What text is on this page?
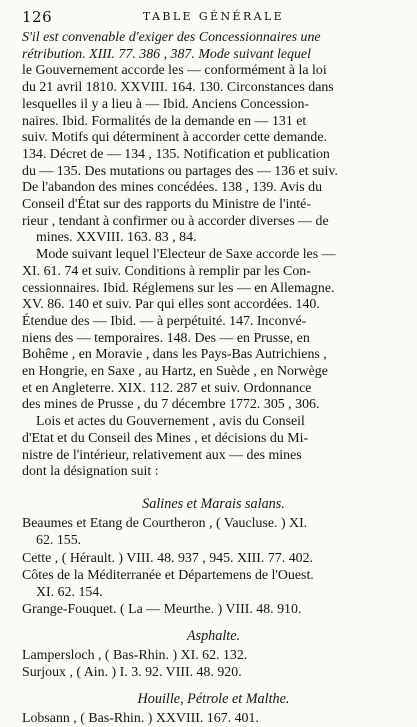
126	TABLE GÉNÉRALE
S'il est convenable d'exiger des Concessionnaires une
rétribution. XIII. 77. 386 , 387. Mode suivant lequel
le Gouvernement accorde les — conformément à la loi
du 21 avril 1810. XXVIII. 164. 130. Circonstances dans
lesquelles il y a lieu à — Ibid. Anciens Concession-
naires. Ibid. Formalités de la demande en — 131 et
suiv. Motifs qui déterminent à accorder cette demande.
134. Décret de — 134 , 135. Notification et publication
du — 135. Des mutations ou partages des — 136 et suiv.
De l'abandon des mines concédées. 138 , 139. Avis du
Conseil d'État sur des rapports du Ministre de l'inté-
rieur , tendant à confirmer ou à accorder diverses — de
mines. XXVIII. 163. 83 , 84.
Mode suivant lequel l'Electeur de Saxe accorde les —
XI. 61. 74 et suiv. Conditions à remplir par les Con-
cessionnaires. Ibid. Réglemens sur les — en Allemagne.
XV. 86. 140 et suiv. Par qui elles sont accordées. 140.
Étendue des — Ibid. — à perpétuité. 147. Inconvé-
niens des — temporaires. 148. Des — en Prusse, en
Bohême , en Moravie , dans les Pays-Bas Autrichiens ,
en Hongrie, en Saxe , au Hartz, en Suède , en Norwège
et en Angleterre. XIX. 112. 287 et suiv. Ordonnance
des mines de Prusse , du 7 décembre 1772. 305 , 306.
Lois et actes du Gouvernement , avis du Conseil
d'Etat et du Conseil des Mines , et décisions du Mi-
nistre de l'intérieur, relativement aux — des mines
dont la désignation suit :
Salines et Marais salans.
Beaumes et Etang de Courtheron , ( Vaucluse. ) XI.
62. 155.
Cette , ( Hérault. ) VIII. 48. 937 , 945. XIII. 77. 402.
Côtes de la Méditerranée et Départemens de l'Ouest.
XI. 62. 154.
Grange-Fouquet. ( La — Meurthe. ) VIII. 48. 910.
Asphalte.
Lampersloch , ( Bas-Rhin. ) XI. 62. 132.
Surjoux , ( Ain. ) I. 3. 92. VIII. 48. 920.
Houille, Pétrole et Malthe.
Lobsann , ( Bas-Rhin. ) XXVIII. 167. 401.
